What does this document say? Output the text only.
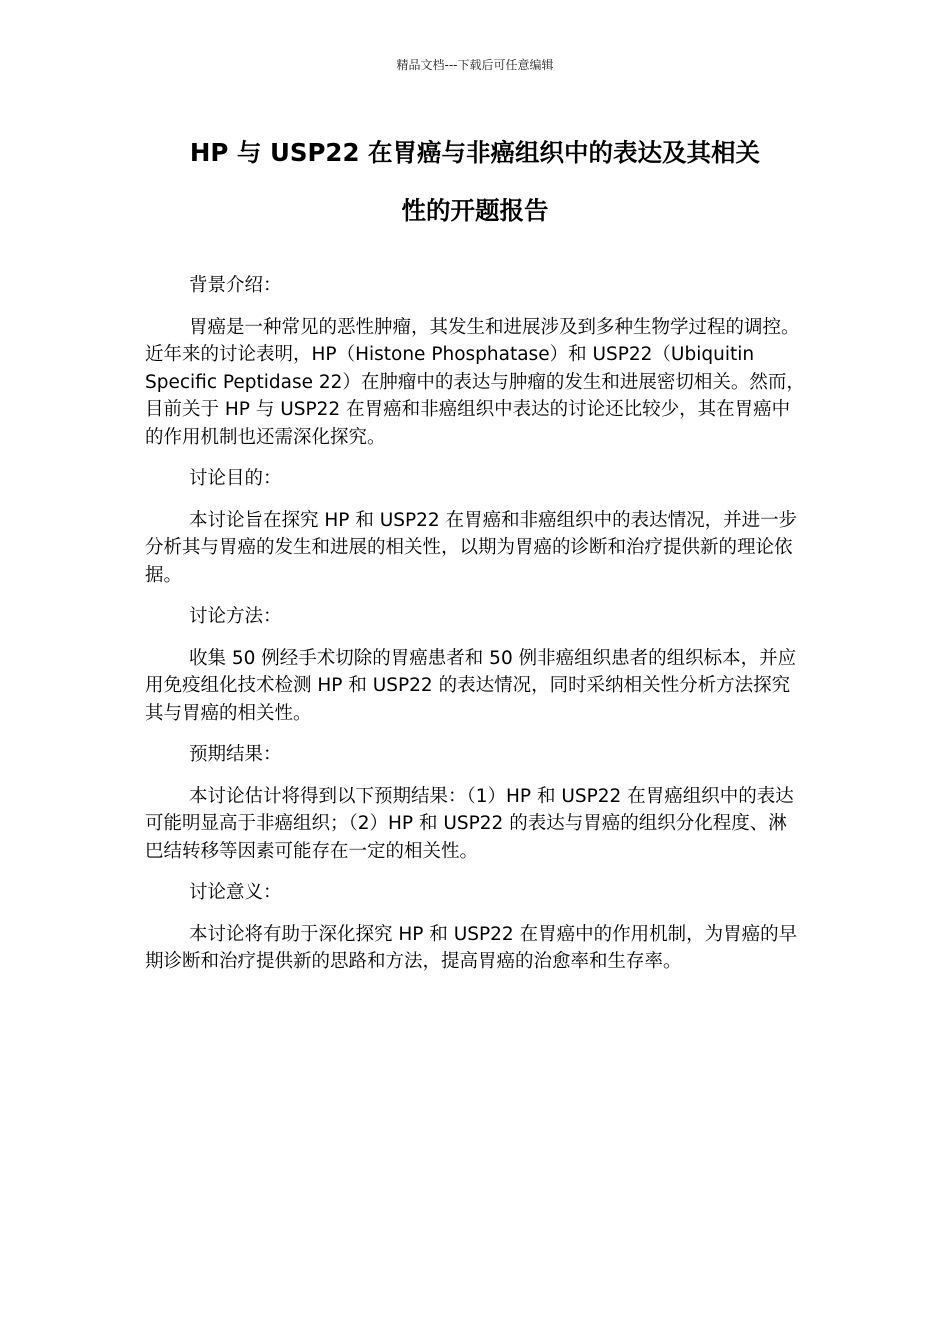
精品文档---下载后可任意编辑
HP 与 USP22 在胃癌与非癌组织中的表达及其相关
性的开题报告

背景介绍：

胃癌是一种常见的恶性肿瘤，其发生和进展涉及到多种生物学过程的调控。近年来的讨论表明，HP（Histone Phosphatase）和 USP22（Ubiquitin Specific Peptidase 22）在肿瘤中的表达与肿瘤的发生和进展密切相关。然而，目前关于 HP 与 USP22 在胃癌和非癌组织中表达的讨论还比较少，其在胃癌中的作用机制也还需深化探究。

讨论目的：

本讨论旨在探究 HP 和 USP22 在胃癌和非癌组织中的表达情况，并进一步分析其与胃癌的发生和进展的相关性，以期为胃癌的诊断和治疗提供新的理论依据。

讨论方法：

收集 50 例经手术切除的胃癌患者和 50 例非癌组织患者的组织标本，并应用免疫组化技术检测 HP 和 USP22 的表达情况，同时采纳相关性分析方法探究其与胃癌的相关性。

预期结果：

本讨论估计将得到以下预期结果：（1）HP 和 USP22 在胃癌组织中的表达可能明显高于非癌组织；（2）HP 和 USP22 的表达与胃癌的组织分化程度、淋巴结转移等因素可能存在一定的相关性。

讨论意义：

本讨论将有助于深化探究 HP 和 USP22 在胃癌中的作用机制，为胃癌的早期诊断和治疗提供新的思路和方法，提高胃癌的治愈率和生存率。
